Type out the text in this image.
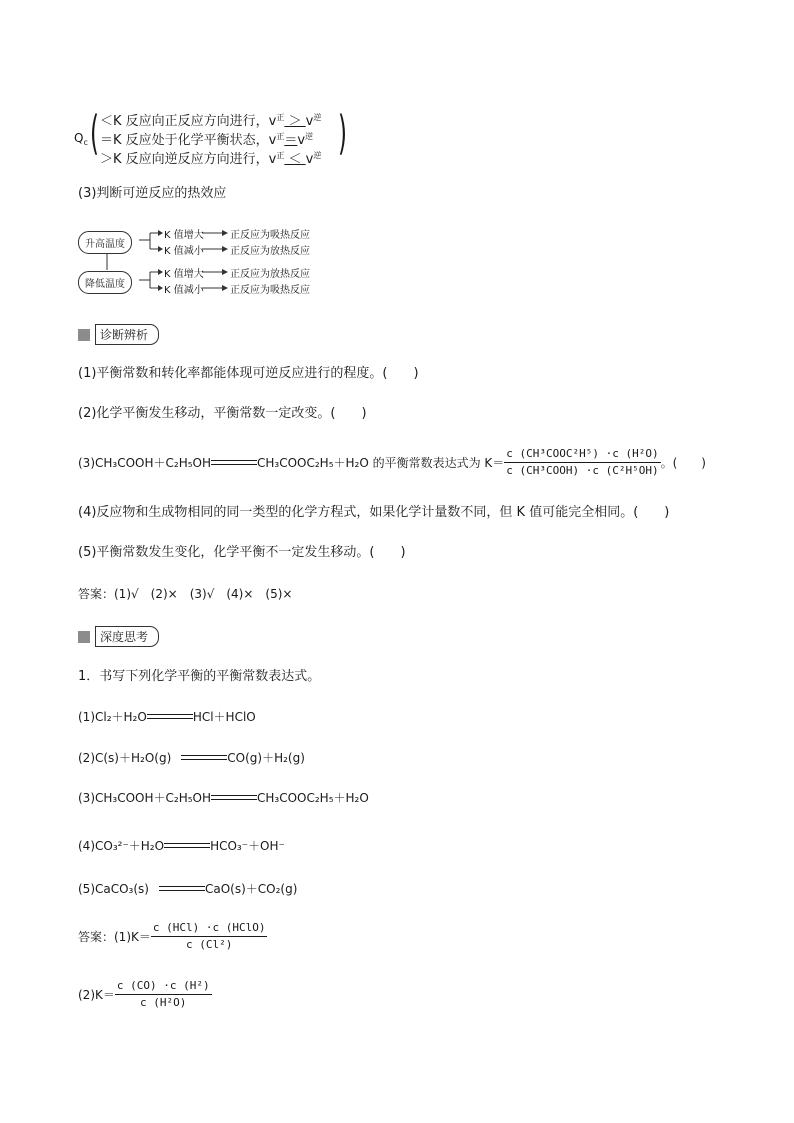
$Q_c$ ( ＜K 反应向正反应方向进行，$v^正 > v^逆$
＝K 反应处于化学平衡状态，$v^正=v^逆$
＞K 反应向逆反应方向进行，$v^正 < v^逆$ )
(3)判断可逆反应的热效应
升高温度
降低温度
K 值增大
K 值减小
K 值增大
K 值减小
正反应为吸热反应
正反应为放热反应
正反应为放热反应
正反应为吸热反应
诊断辨析
(1)平衡常数和转化率都能体现可逆反应进行的程度。(　　)
(2)化学平衡发生移动，平衡常数一定改变。(　　)
(3)CH₃COOH＋C₂H₅OH	CH₃COOC₂H₅＋H₂O 的平衡常数表达式为 $K= \frac{\text{c (CH³COOC²H⁵) ·c (H²O)}}{\text{c (CH³COOH) ·c (C²H⁵OH)}}$ 。(　　)
(4)反应物和生成物相同的同一类型的化学方程式，如果化学计量数不同，但 K 值可能完全相同。(　　)
(5)平衡常数发生变化，化学平衡不一定发生移动。(　　)
答案：(1)√　(2)×　(3)√　(4)×　(5)×
深度思考
1．书写下列化学平衡的平衡常数表达式。
(1)Cl₂＋H₂O	HCl＋HClO
(2)C(s)＋H₂O(g)	CO(g)＋H₂(g)
(3)CH₃COOH＋C₂H₅OH	CH₃COOC₂H₅＋H₂O
(4)CO₃²⁻＋H₂O	HCO₃⁻＋OH⁻
(5)CaCO₃(s)	CaO(s)＋CO₂(g)
答案：$(1)K= \frac{\text{c (HCl) ·c (HClO)}}{\text{c (Cl²)}}$
$(2)K= \frac{\text{c (CO) ·c (H²)}}{\text{c (H²O)}}$
